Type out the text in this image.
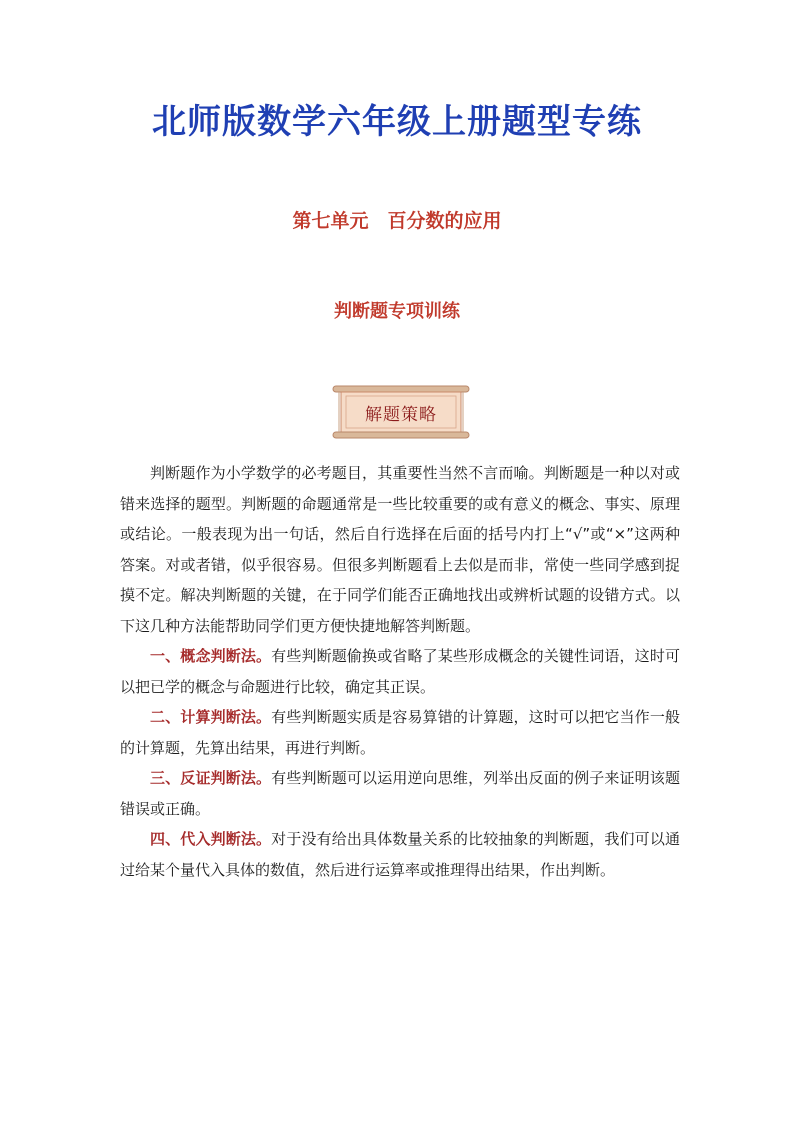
北师版数学六年级上册题型专练
第七单元　百分数的应用
判断题专项训练
解题策略

判断题作为小学数学的必考题目，其重要性当然不言而喻。判断题是一种以对或错来选择的题型。判断题的命题通常是一些比较重要的或有意义的概念、事实、原理或结论。一般表现为出一句话，然后自行选择在后面的括号内打上“√”或“×”这两种答案。对或者错，似乎很容易。但很多判断题看上去似是而非，常使一些同学感到捉摸不定。解决判断题的关键，在于同学们能否正确地找出或辨析试题的设错方式。以下这几种方法能帮助同学们更方便快捷地解答判断题。

一、概念判断法。有些判断题偷换或省略了某些形成概念的关键性词语，这时可以把已学的概念与命题进行比较，确定其正误。

二、计算判断法。有些判断题实质是容易算错的计算题，这时可以把它当作一般的计算题，先算出结果，再进行判断。

三、反证判断法。有些判断题可以运用逆向思维，列举出反面的例子来证明该题错误或正确。

四、代入判断法。对于没有给出具体数量关系的比较抽象的判断题，我们可以通过给某个量代入具体的数值，然后进行运算率或推理得出结果，作出判断。
